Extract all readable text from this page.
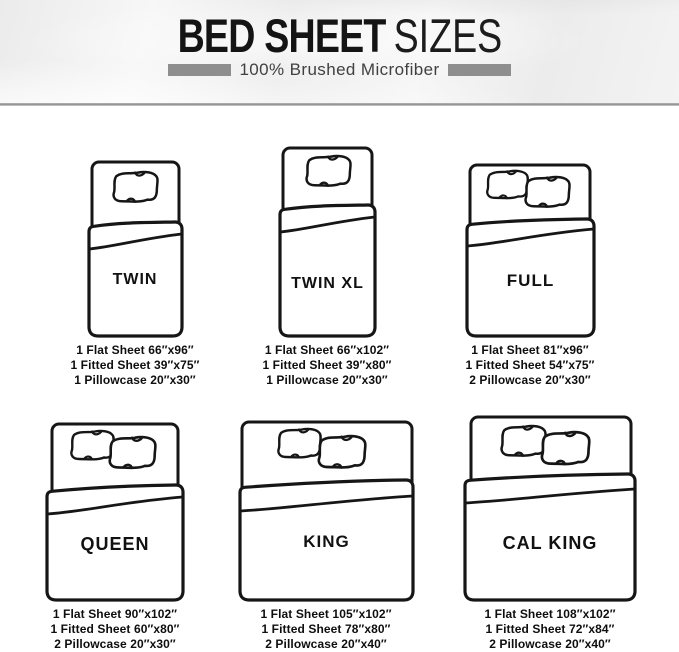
BED SHEET SIZES
100% Brushed Microfiber
TWIN
1 Flat Sheet 66″x96″
1 Fitted Sheet 39″x75″
1 Pillowcase 20″x30″
TWIN XL
1 Flat Sheet 66″x102″
1 Fitted Sheet 39″x80″
1 Pillowcase 20″x30″
FULL
1 Flat Sheet 81″x96″
1 Fitted Sheet 54″x75″
2 Pillowcase 20″x30″
QUEEN
1 Flat Sheet 90″x102″
1 Fitted Sheet 60″x80″
2 Pillowcase 20″x30″
KING
1 Flat Sheet 105″x102″
1 Fitted Sheet 78″x80″
2 Pillowcase 20″x40″
CAL KING
1 Flat Sheet 108″x102″
1 Fitted Sheet 72″x84″
2 Pillowcase 20″x40″
